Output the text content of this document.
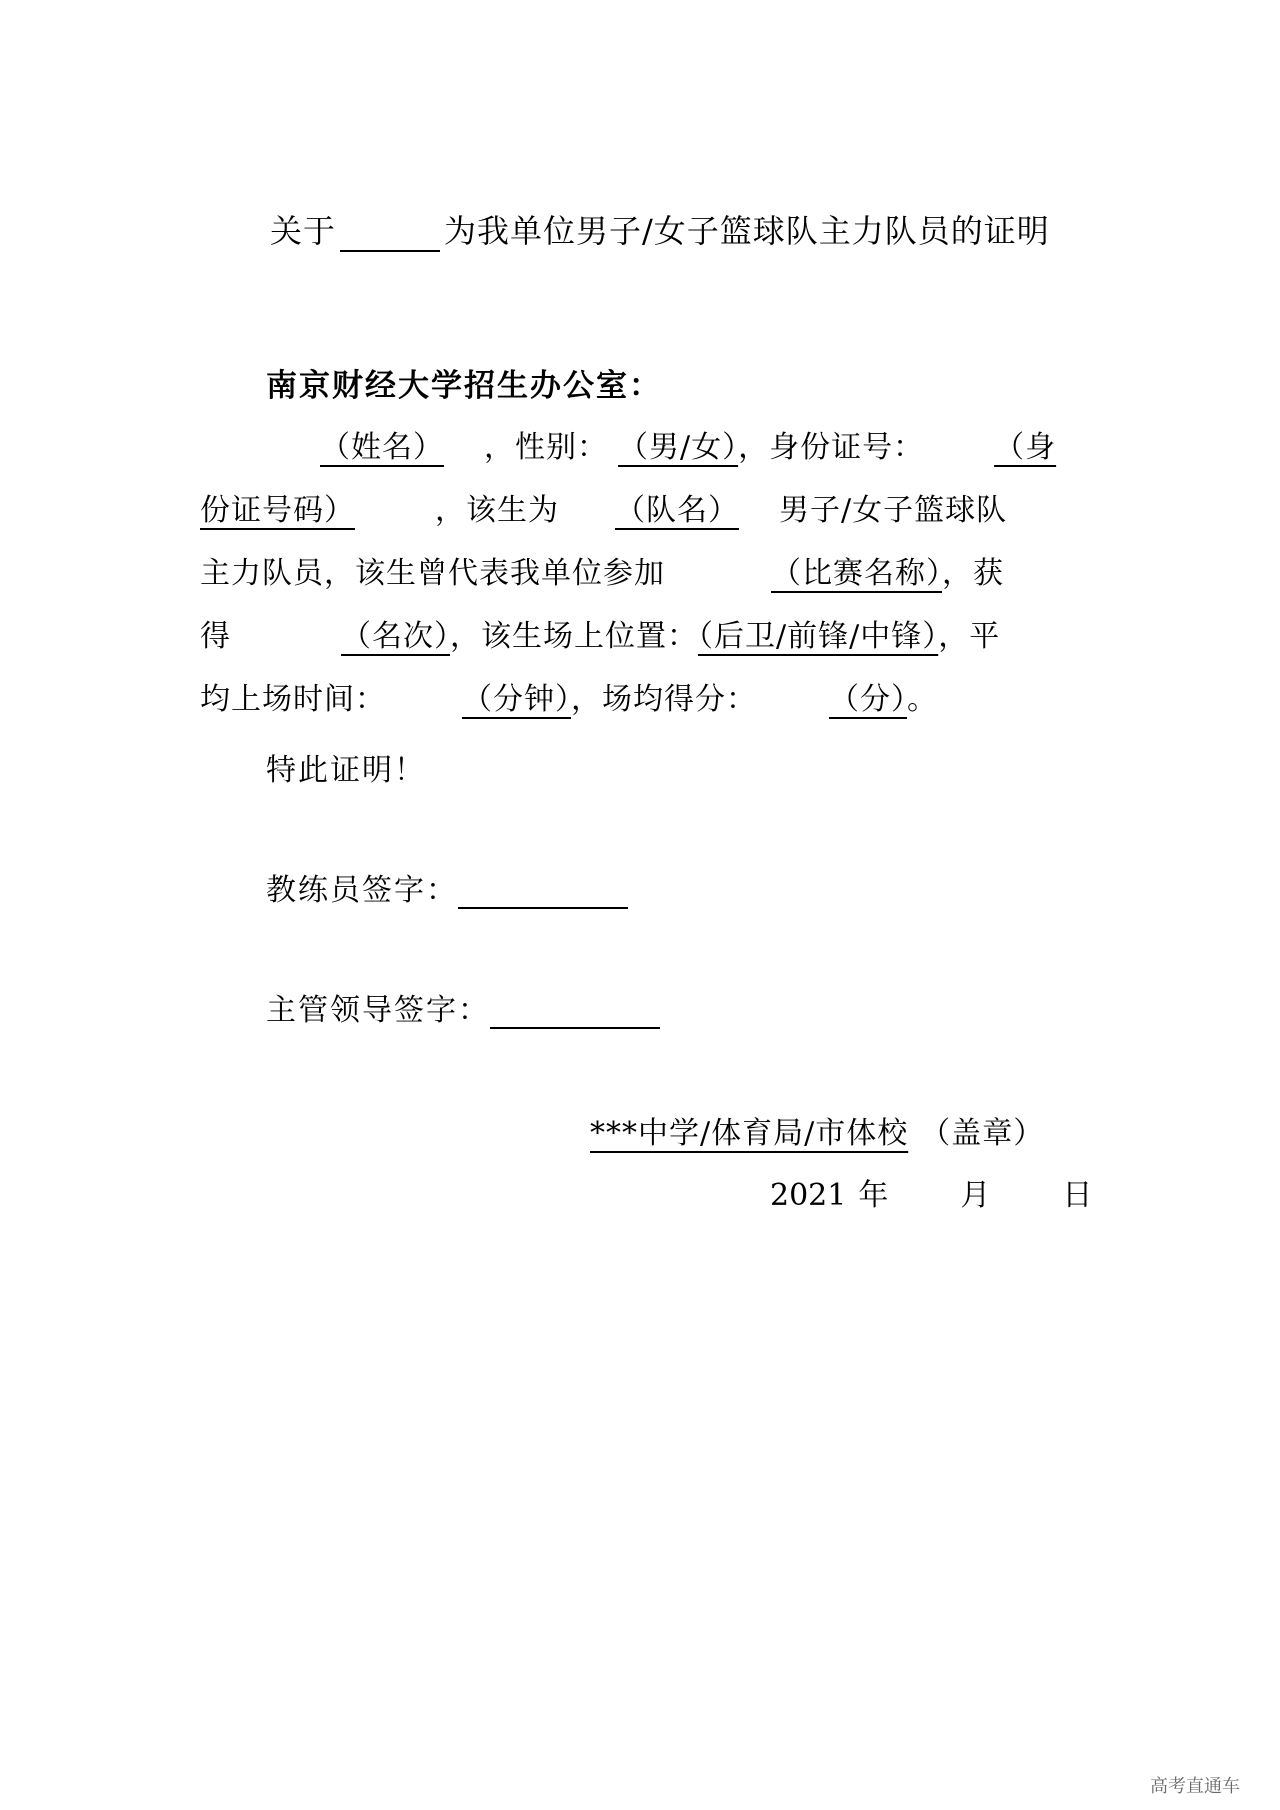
关于	为我单位男子/女子篮球队主力队员的证明
南京财经大学招生办公室：
（姓名） ，性别： （男/女），身份证号： （身
份证号码）	，该生为 （队名） 男子/女子篮球队
主力队员，该生曾代表我单位参加	（比赛名称），获
得	（名次），该生场上位置：（后卫/前锋/中锋），平
均上场时间：	（分钟），场均得分： （分）。
特此证明！
教练员签字：
主管领导签字：
***中学/体育局/市体校 （盖章）
2021 年 月 日
高考直通车
